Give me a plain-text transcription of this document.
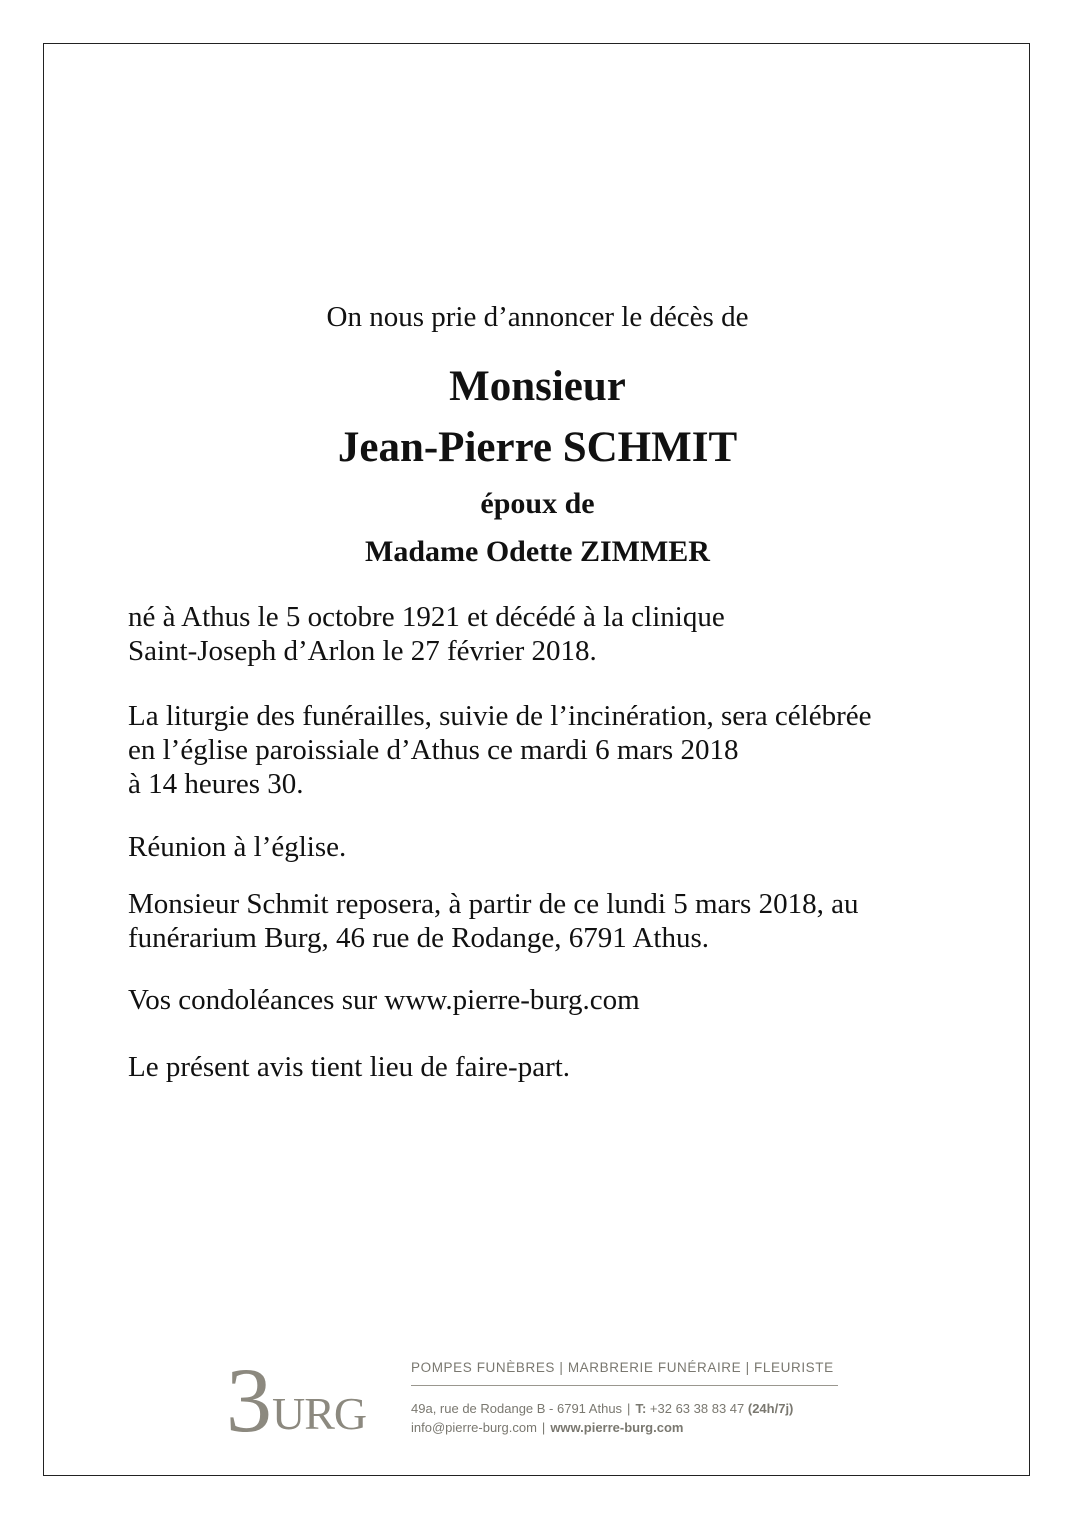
On nous prie d’annoncer le décès de
Monsieur
Jean-Pierre SCHMIT
époux de
Madame Odette ZIMMER
né à Athus le 5 octobre 1921 et décédé à la clinique
Saint-Joseph d’Arlon le 27 février 2018.
La liturgie des funérailles, suivie de l’incinération, sera célébrée
en l’église paroissiale d’Athus ce mardi 6 mars 2018
à 14 heures 30.
Réunion à l’église.
Monsieur Schmit reposera, à partir de ce lundi 5 mars 2018, au
funérarium Burg, 46 rue de Rodange, 6791 Athus.
Vos condoléances sur www.pierre-burg.com
Le présent avis tient lieu de faire-part.
3 URG
POMPES FUNÈBRES | MARBRERIE FUNÉRAIRE | FLEURISTE
49a, rue de Rodange B - 6791 Athus | T: +32 63 38 83 47 (24h/7j)
info@pierre-burg.com | www.pierre-burg.com
